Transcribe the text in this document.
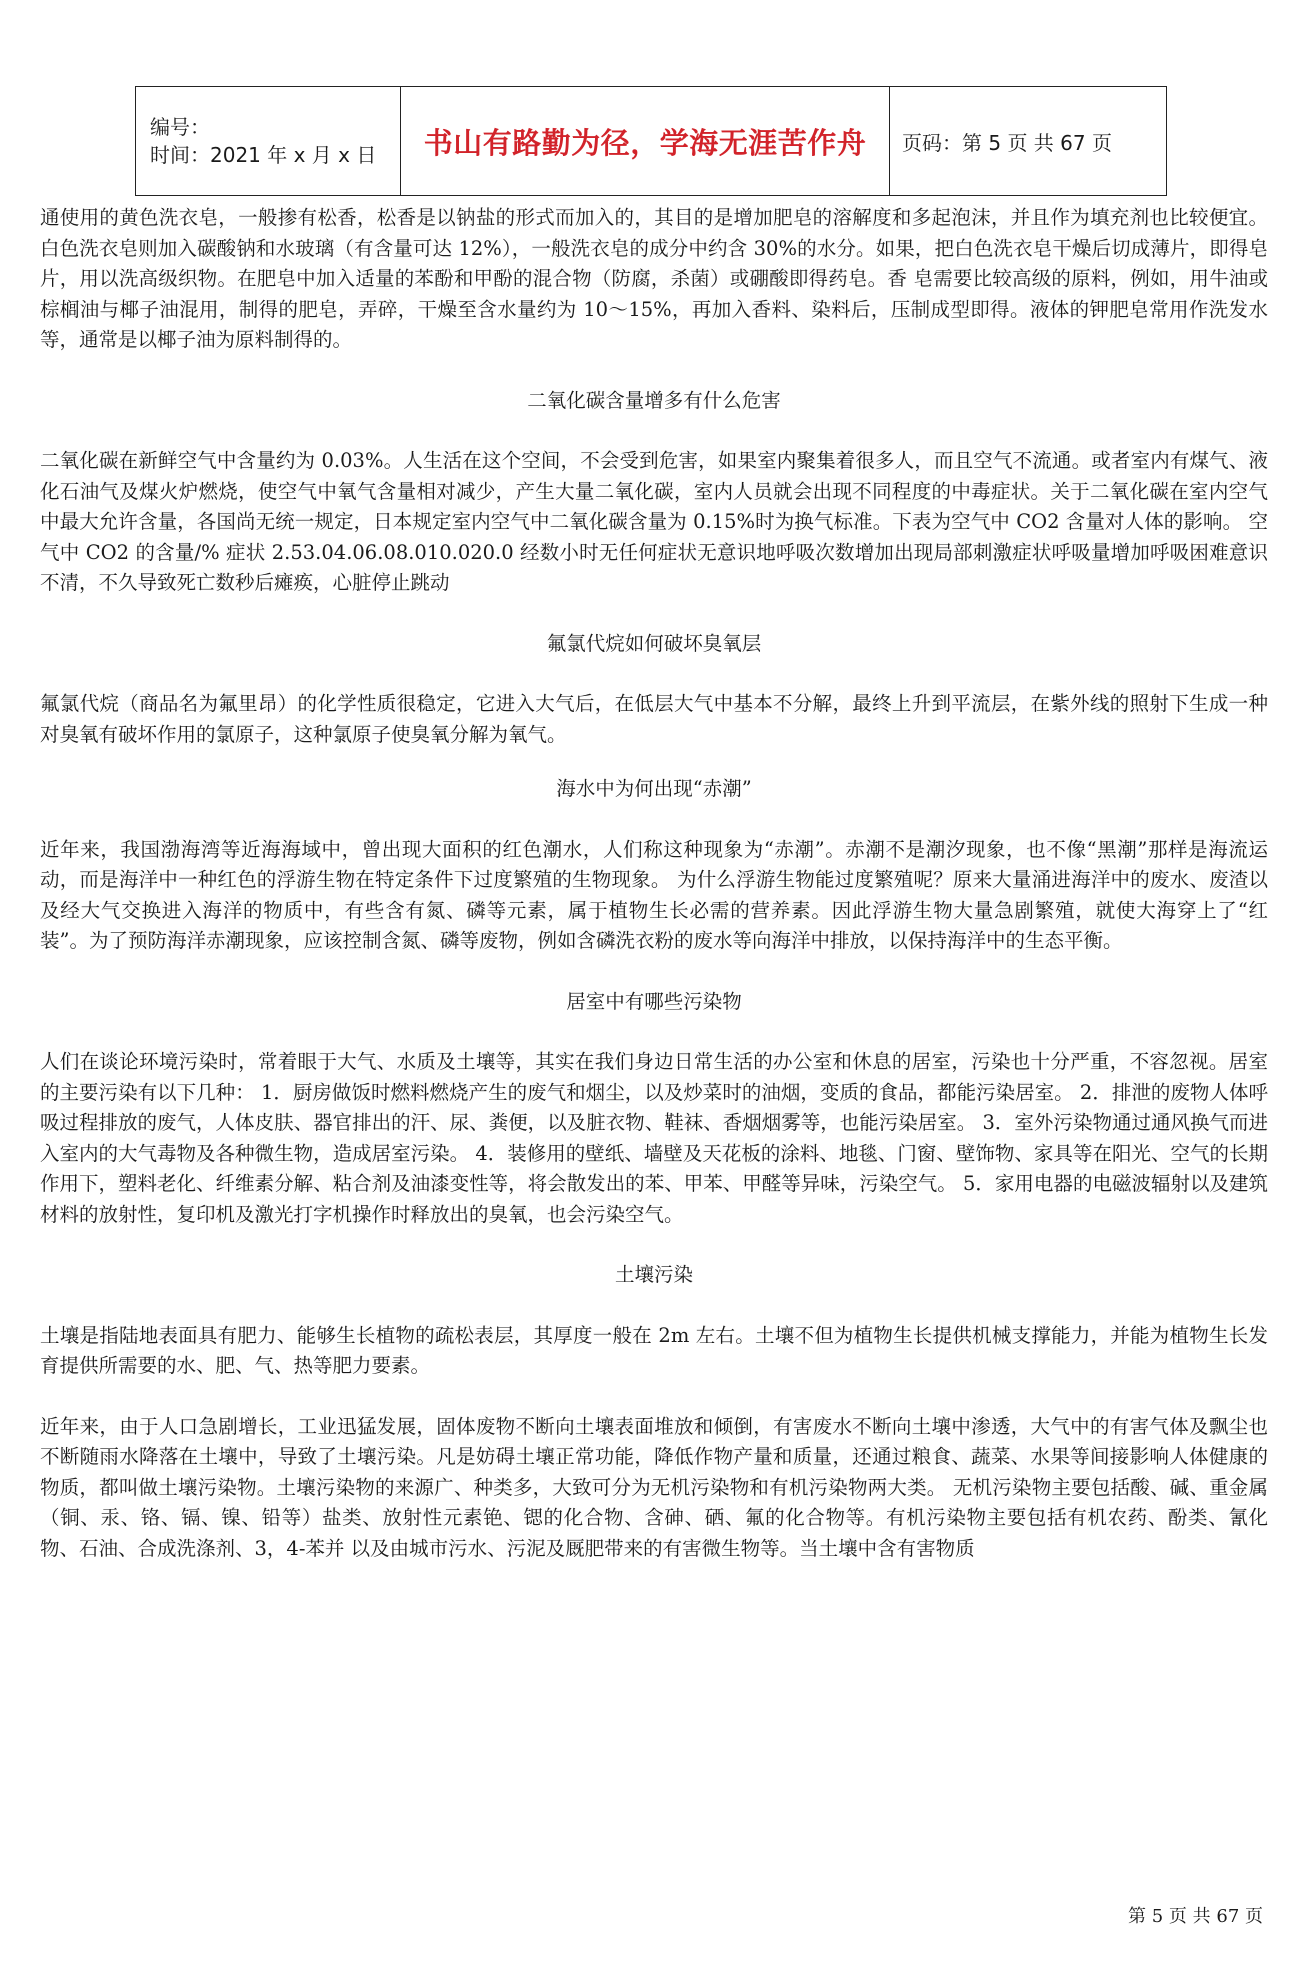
编号：
时间：2021 年 x 月 x 日	书山有路勤为径，学海无涯苦作舟	页码：第 5 页 共 67 页

通使用的黄色洗衣皂，一般掺有松香，松香是以钠盐的形式而加入的，其目的是增加肥皂的溶解度和多起泡沫，并且作为填充剂也比较便宜。白色洗衣皂则加入碳酸钠和水玻璃（有含量可达 12%），一般洗衣皂的成分中约含 30%的水分。如果，把白色洗衣皂干燥后切成薄片，即得皂片，用以洗高级织物。在肥皂中加入适量的苯酚和甲酚的混合物（防腐，杀菌）或硼酸即得药皂。香 皂需要比较高级的原料，例如，用牛油或棕榈油与椰子油混用，制得的肥皂，弄碎，干燥至含水量约为 10～15%，再加入香料、染料后，压制成型即得。液体的钾肥皂常用作洗发水等，通常是以椰子油为原料制得的。

二氧化碳含量增多有什么危害

二氧化碳在新鲜空气中含量约为 0.03%。人生活在这个空间，不会受到危害，如果室内聚集着很多人，而且空气不流通。或者室内有煤气、液化石油气及煤火炉燃烧，使空气中氧气含量相对减少，产生大量二氧化碳，室内人员就会出现不同程度的中毒症状。关于二氧化碳在室内空气中最大允许含量，各国尚无统一规定，日本规定室内空气中二氧化碳含量为 0.15%时为换气标准。下表为空气中 CO2 含量对人体的影响。 空气中 CO2 的含量/% 症状 2.53.04.06.08.010.020.0 经数小时无任何症状无意识地呼吸次数增加出现局部刺激症状呼吸量增加呼吸困难意识不清，不久导致死亡数秒后瘫痪，心脏停止跳动

氟氯代烷如何破坏臭氧层

氟氯代烷（商品名为氟里昂）的化学性质很稳定，它进入大气后，在低层大气中基本不分解，最终上升到平流层，在紫外线的照射下生成一种对臭氧有破坏作用的氯原子，这种氯原子使臭氧分解为氧气。

海水中为何出现“赤潮”

近年来，我国渤海湾等近海海域中，曾出现大面积的红色潮水，人们称这种现象为“赤潮”。赤潮不是潮汐现象，也不像“黑潮”那样是海流运动，而是海洋中一种红色的浮游生物在特定条件下过度繁殖的生物现象。 为什么浮游生物能过度繁殖呢？原来大量涌进海洋中的废水、废渣以及经大气交换进入海洋的物质中，有些含有氮、磷等元素，属于植物生长必需的营养素。因此浮游生物大量急剧繁殖，就使大海穿上了“红装”。为了预防海洋赤潮现象，应该控制含氮、磷等废物，例如含磷洗衣粉的废水等向海洋中排放，以保持海洋中的生态平衡。

居室中有哪些污染物

人们在谈论环境污染时，常着眼于大气、水质及土壤等，其实在我们身边日常生活的办公室和休息的居室，污染也十分严重，不容忽视。居室的主要污染有以下几种： 1．厨房做饭时燃料燃烧产生的废气和烟尘，以及炒菜时的油烟，变质的食品，都能污染居室。 2．排泄的废物人体呼吸过程排放的废气，人体皮肤、器官排出的汗、尿、粪便，以及脏衣物、鞋袜、香烟烟雾等，也能污染居室。 3．室外污染物通过通风换气而进入室内的大气毒物及各种微生物，造成居室污染。 4．装修用的壁纸、墙壁及天花板的涂料、地毯、门窗、壁饰物、家具等在阳光、空气的长期作用下，塑料老化、纤维素分解、粘合剂及油漆变性等，将会散发出的苯、甲苯、甲醛等异味，污染空气。 5．家用电器的电磁波辐射以及建筑材料的放射性，复印机及激光打字机操作时释放出的臭氧，也会污染空气。

土壤污染

土壤是指陆地表面具有肥力、能够生长植物的疏松表层，其厚度一般在 2m 左右。土壤不但为植物生长提供机械支撑能力，并能为植物生长发育提供所需要的水、肥、气、热等肥力要素。

近年来，由于人口急剧增长，工业迅猛发展，固体废物不断向土壤表面堆放和倾倒，有害废水不断向土壤中渗透，大气中的有害气体及飘尘也不断随雨水降落在土壤中，导致了土壤污染。凡是妨碍土壤正常功能，降低作物产量和质量，还通过粮食、蔬菜、水果等间接影响人体健康的物质，都叫做土壤污染物。土壤污染物的来源广、种类多，大致可分为无机污染物和有机污染物两大类。 无机污染物主要包括酸、碱、重金属（铜、汞、铬、镉、镍、铅等）盐类、放射性元素铯、锶的化合物、含砷、硒、氟的化合物等。有机污染物主要包括有机农药、酚类、氰化物、石油、合成洗涤剂、3，4-苯并 以及由城市污水、污泥及厩肥带来的有害微生物等。当土壤中含有害物质

第 5 页 共 67 页
